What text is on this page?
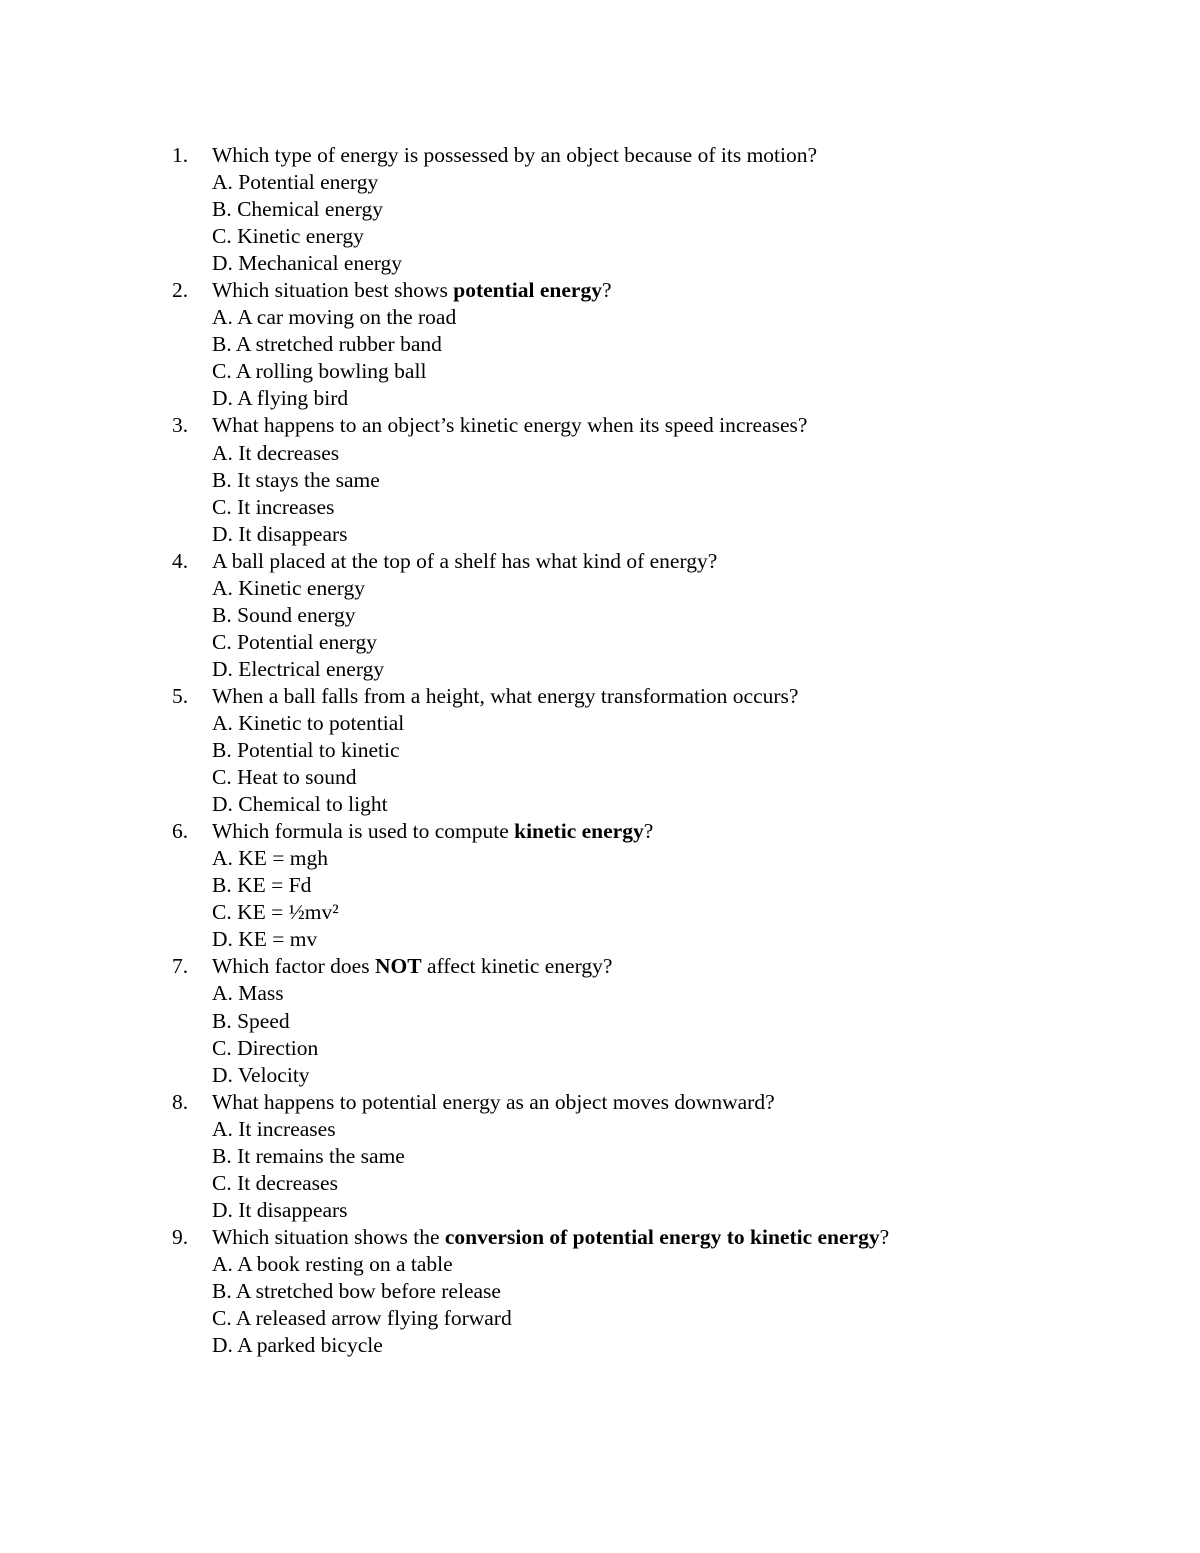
1. Which type of energy is possessed by an object because of its motion?
A. Potential energy
B. Chemical energy
C. Kinetic energy
D. Mechanical energy
2. Which situation best shows potential energy?
A. A car moving on the road
B. A stretched rubber band
C. A rolling bowling ball
D. A flying bird
3. What happens to an object’s kinetic energy when its speed increases?
A. It decreases
B. It stays the same
C. It increases
D. It disappears
4. A ball placed at the top of a shelf has what kind of energy?
A. Kinetic energy
B. Sound energy
C. Potential energy
D. Electrical energy
5. When a ball falls from a height, what energy transformation occurs?
A. Kinetic to potential
B. Potential to kinetic
C. Heat to sound
D. Chemical to light
6. Which formula is used to compute kinetic energy?
A. KE = mgh
B. KE = Fd
C. KE = ½mv²
D. KE = mv
7. Which factor does NOT affect kinetic energy?
A. Mass
B. Speed
C. Direction
D. Velocity
8. What happens to potential energy as an object moves downward?
A. It increases
B. It remains the same
C. It decreases
D. It disappears
9. Which situation shows the conversion of potential energy to kinetic energy?
A. A book resting on a table
B. A stretched bow before release
C. A released arrow flying forward
D. A parked bicycle
